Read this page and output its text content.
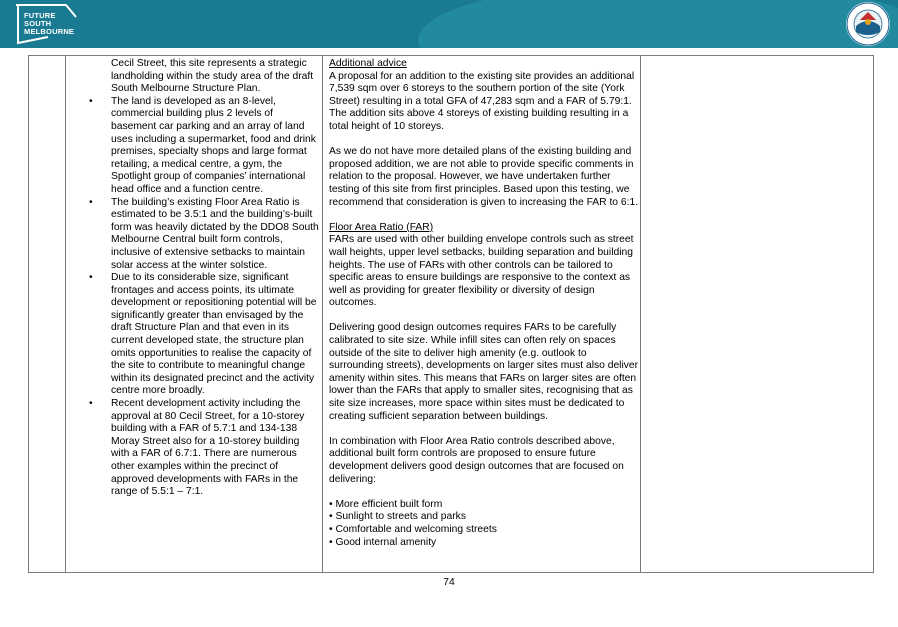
FUTURE
SOUTH
MELBOURNE
Cecil Street, this site represents a strategic landholding within the study area of the draft South Melbourne Structure Plan.
• The land is developed as an 8-level, commercial building plus 2 levels of basement car parking and an array of land uses including a supermarket, food and drink premises, specialty shops and large format retailing, a medical centre, a gym, the Spotlight group of companies’ international head office and a function centre.
• The building’s existing Floor Area Ratio is estimated to be 3.5:1 and the building’s-built form was heavily dictated by the DDO8 South Melbourne Central built form controls, inclusive of extensive setbacks to maintain solar access at the winter solstice.
• Due to its considerable size, significant frontages and access points, its ultimate development or repositioning potential will be significantly greater than envisaged by the draft Structure Plan and that even in its current developed state, the structure plan omits opportunities to realise the capacity of the site to contribute to meaningful change within its designated precinct and the activity centre more broadly.
• Recent development activity including the approval at 80 Cecil Street, for a 10-storey building with a FAR of 5.7:1 and 134-138 Moray Street also for a 10-storey building with a FAR of 6.7:1. There are numerous other examples within the precinct of approved developments with FARs in the range of 5.5:1 – 7:1.

Additional advice

A proposal for an addition to the existing site provides an additional 7,539 sqm over 6 storeys to the southern portion of the site (York Street) resulting in a total GFA of 47,283 sqm and a FAR of 5.79:1. The addition sits above 4 storeys of existing building resulting in a total height of 10 storeys.

As we do not have more detailed plans of the existing building and proposed addition, we are not able to provide specific comments in relation to the proposal. However, we have undertaken further testing of this site from first principles. Based upon this testing, we recommend that consideration is given to increasing the FAR to 6:1.

Floor Area Ratio (FAR)

FARs are used with other building envelope controls such as street wall heights, upper level setbacks, building separation and building heights. The use of FARs with other controls can be tailored to specific areas to ensure buildings are responsive to the context as well as providing for greater flexibility or diversity of design outcomes.

Delivering good design outcomes requires FARs to be carefully calibrated to site size. While infill sites can often rely on spaces outside of the site to deliver high amenity (e.g. outlook to surrounding streets), developments on larger sites must also deliver amenity within sites. This means that FARs on larger sites are often lower than the FARs that apply to smaller sites, recognising that as site size increases, more space within sites must be dedicated to creating sufficient separation between buildings.

In combination with Floor Area Ratio controls described above, additional built form controls are proposed to ensure future development delivers good design outcomes that are focused on delivering:

• More efficient built form

• Sunlight to streets and parks

• Comfortable and welcoming streets

• Good internal amenity

74
